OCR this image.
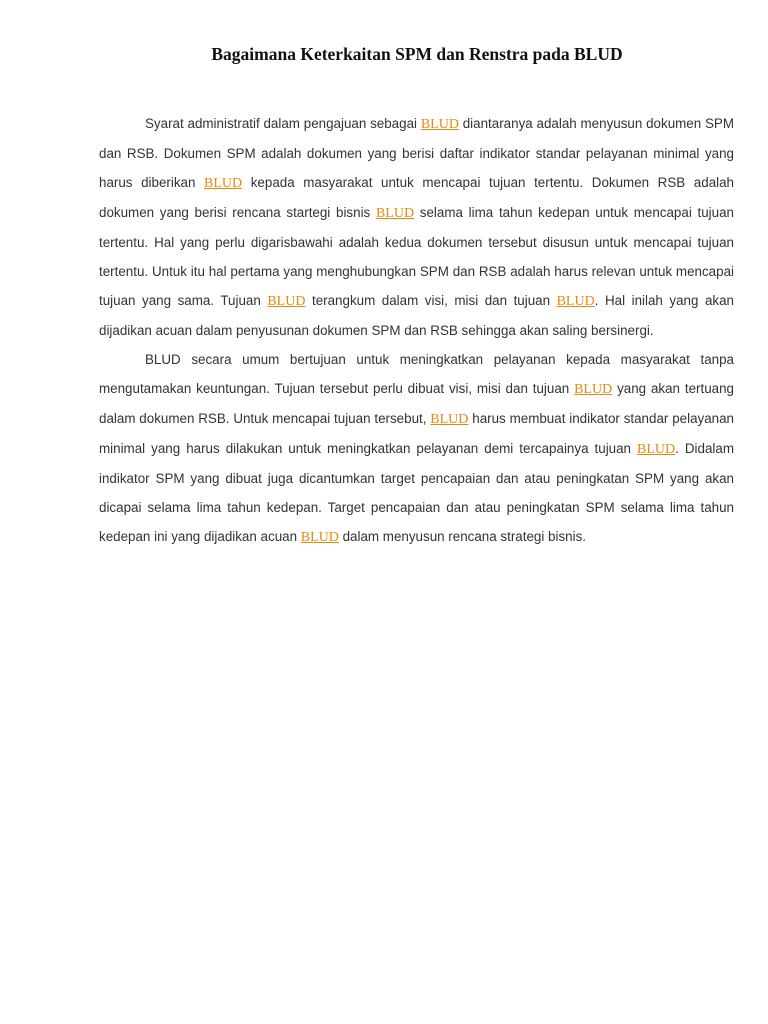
Bagaimana Keterkaitan SPM dan Renstra pada BLUD

Syarat administratif dalam pengajuan sebagai BLUD diantaranya adalah menyusun dokumen SPM dan RSB. Dokumen SPM adalah dokumen yang berisi daftar indikator standar pelayanan minimal yang harus diberikan BLUD kepada masyarakat untuk mencapai tujuan tertentu. Dokumen RSB adalah dokumen yang berisi rencana startegi bisnis BLUD selama lima tahun kedepan untuk mencapai tujuan tertentu. Hal yang perlu digarisbawahi adalah kedua dokumen tersebut disusun untuk mencapai tujuan tertentu. Untuk itu hal pertama yang menghubungkan SPM dan RSB adalah harus relevan untuk mencapai tujuan yang sama. Tujuan BLUD terangkum dalam visi, misi dan tujuan BLUD. Hal inilah yang akan dijadikan acuan dalam penyusunan dokumen SPM dan RSB sehingga akan saling bersinergi.

BLUD secara umum bertujuan untuk meningkatkan pelayanan kepada masyarakat tanpa mengutamakan keuntungan. Tujuan tersebut perlu dibuat visi, misi dan tujuan BLUD yang akan tertuang dalam dokumen RSB. Untuk mencapai tujuan tersebut, BLUD harus membuat indikator standar pelayanan minimal yang harus dilakukan untuk meningkatkan pelayanan demi tercapainya tujuan BLUD. Didalam indikator SPM yang dibuat juga dicantumkan target pencapaian dan atau peningkatan SPM yang akan dicapai selama lima tahun kedepan. Target pencapaian dan atau peningkatan SPM selama lima tahun kedepan ini yang dijadikan acuan BLUD dalam menyusun rencana strategi bisnis.
